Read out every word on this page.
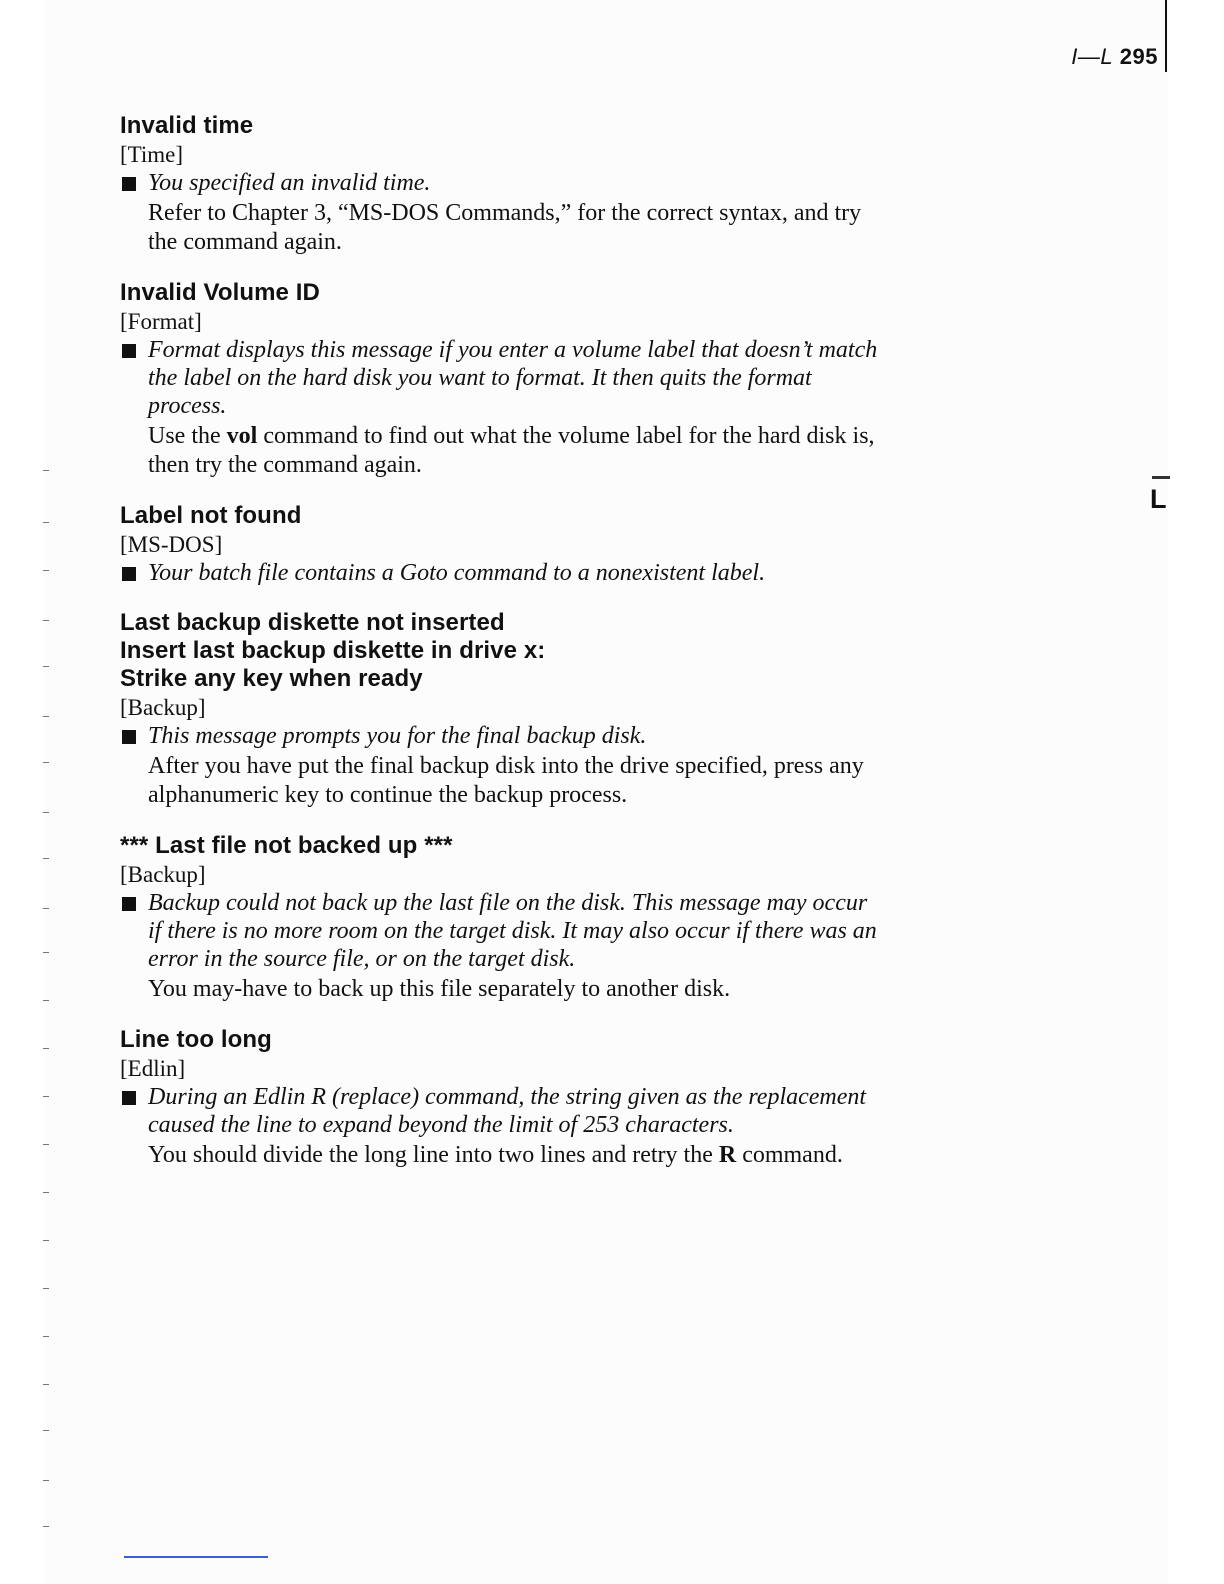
I—L 295
L

Invalid time

[Time]

You specified an invalid time.

Refer to Chapter 3, “MS-DOS Commands,” for the correct syntax, and try the command again.

Invalid Volume ID

[Format]

Format displays this message if you enter a volume label that doesn’t match the label on the hard disk you want to format. It then quits the format process.

Use the vol command to find out what the volume label for the hard disk is, then try the command again.

Label not found

[MS-DOS]

Your batch file contains a Goto command to a nonexistent label.

Last backup diskette not inserted

Insert last backup diskette in drive x:

Strike any key when ready

[Backup]

This message prompts you for the final backup disk.

After you have put the final backup disk into the drive specified, press any alphanumeric key to continue the backup process.

*** Last file not backed up ***

[Backup]

Backup could not back up the last file on the disk. This message may occur if there is no more room on the target disk. It may also occur if there was an error in the source file, or on the target disk.

You may-have to back up this file separately to another disk.

Line too long

[Edlin]

During an Edlin R (replace) command, the string given as the replacement caused the line to expand beyond the limit of 253 characters.

You should divide the long line into two lines and retry the R command.
